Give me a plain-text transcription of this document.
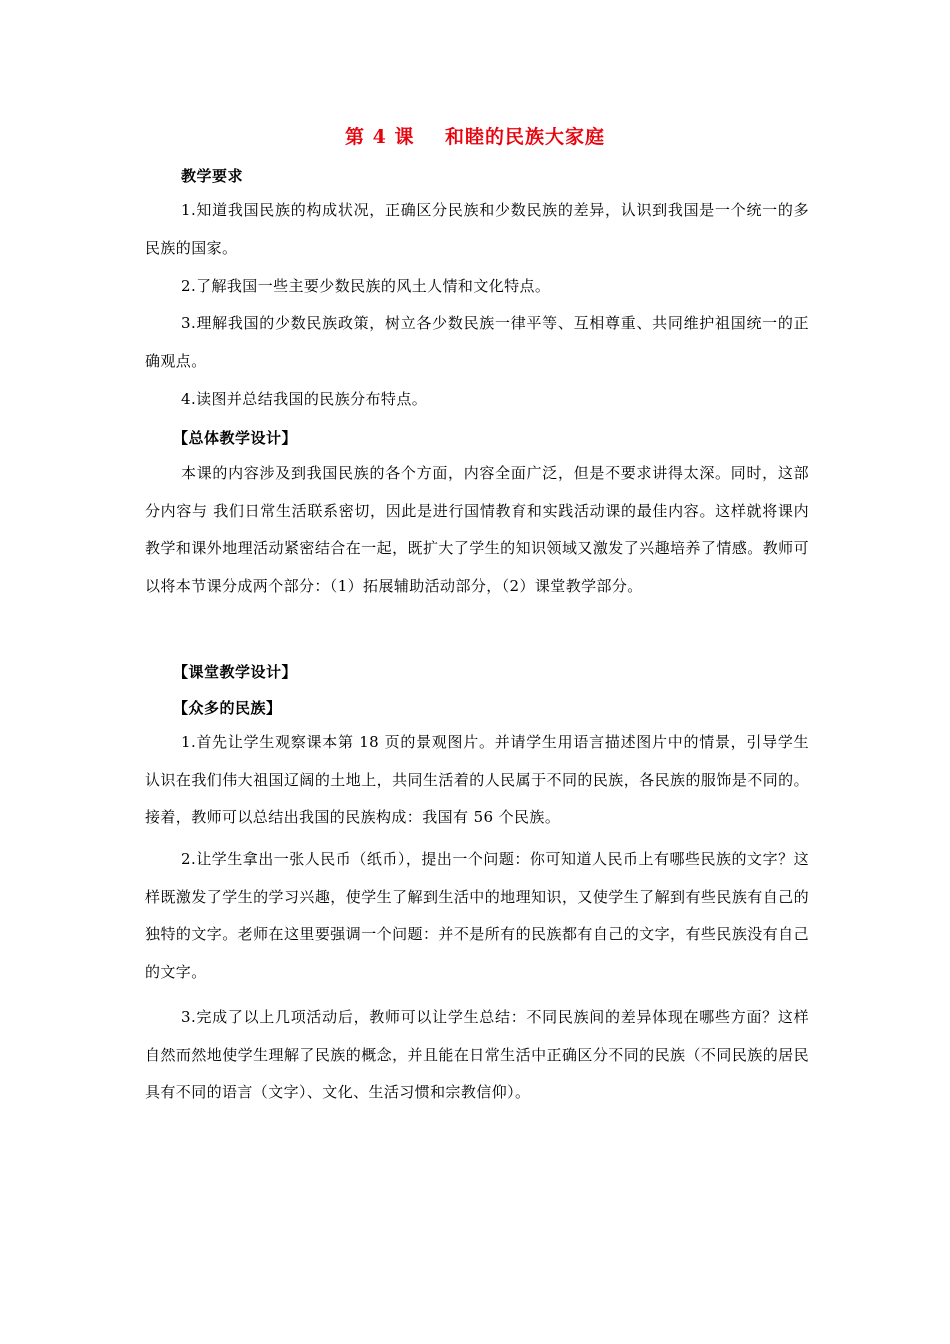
第 4 课    和睦的民族大家庭
教学要求
1.知道我国民族的构成状况，正确区分民族和少数民族的差异，认识到我国是一个统一的多民族的国家。
2.了解我国一些主要少数民族的风土人情和文化特点。
3.理解我国的少数民族政策，树立各少数民族一律平等、互相尊重、共同维护祖国统一的正确观点。
4.读图并总结我国的民族分布特点。
【总体教学设计】
本课的内容涉及到我国民族的各个方面，内容全面广泛，但是不要求讲得太深。同时，这部分内容与 我们日常生活联系密切，因此是进行国情教育和实践活动课的最佳内容。这样就将课内教学和课外地理活动紧密结合在一起，既扩大了学生的知识领域又激发了兴趣培养了情感。教师可以将本节课分成两个部分：（1）拓展辅助活动部分，（2）课堂教学部分。
【课堂教学设计】
【众多的民族】
1.首先让学生观察课本第 18 页的景观图片。并请学生用语言描述图片中的情景，引导学生认识在我们伟大祖国辽阔的土地上，共同生活着的人民属于不同的民族，各民族的服饰是不同的。接着，教师可以总结出我国的民族构成：我国有 56 个民族。
2.让学生拿出一张人民币（纸币），提出一个问题：你可知道人民币上有哪些民族的文字？这样既激发了学生的学习兴趣，使学生了解到生活中的地理知识，又使学生了解到有些民族有自己的独特的文字。老师在这里要强调一个问题：并不是所有的民族都有自己的文字，有些民族没有自己的文字。
3.完成了以上几项活动后，教师可以让学生总结：不同民族间的差异体现在哪些方面？这样自然而然地使学生理解了民族的概念，并且能在日常生活中正确区分不同的民族（不同民族的居民具有不同的语言（文字）、文化、生活习惯和宗教信仰）。
